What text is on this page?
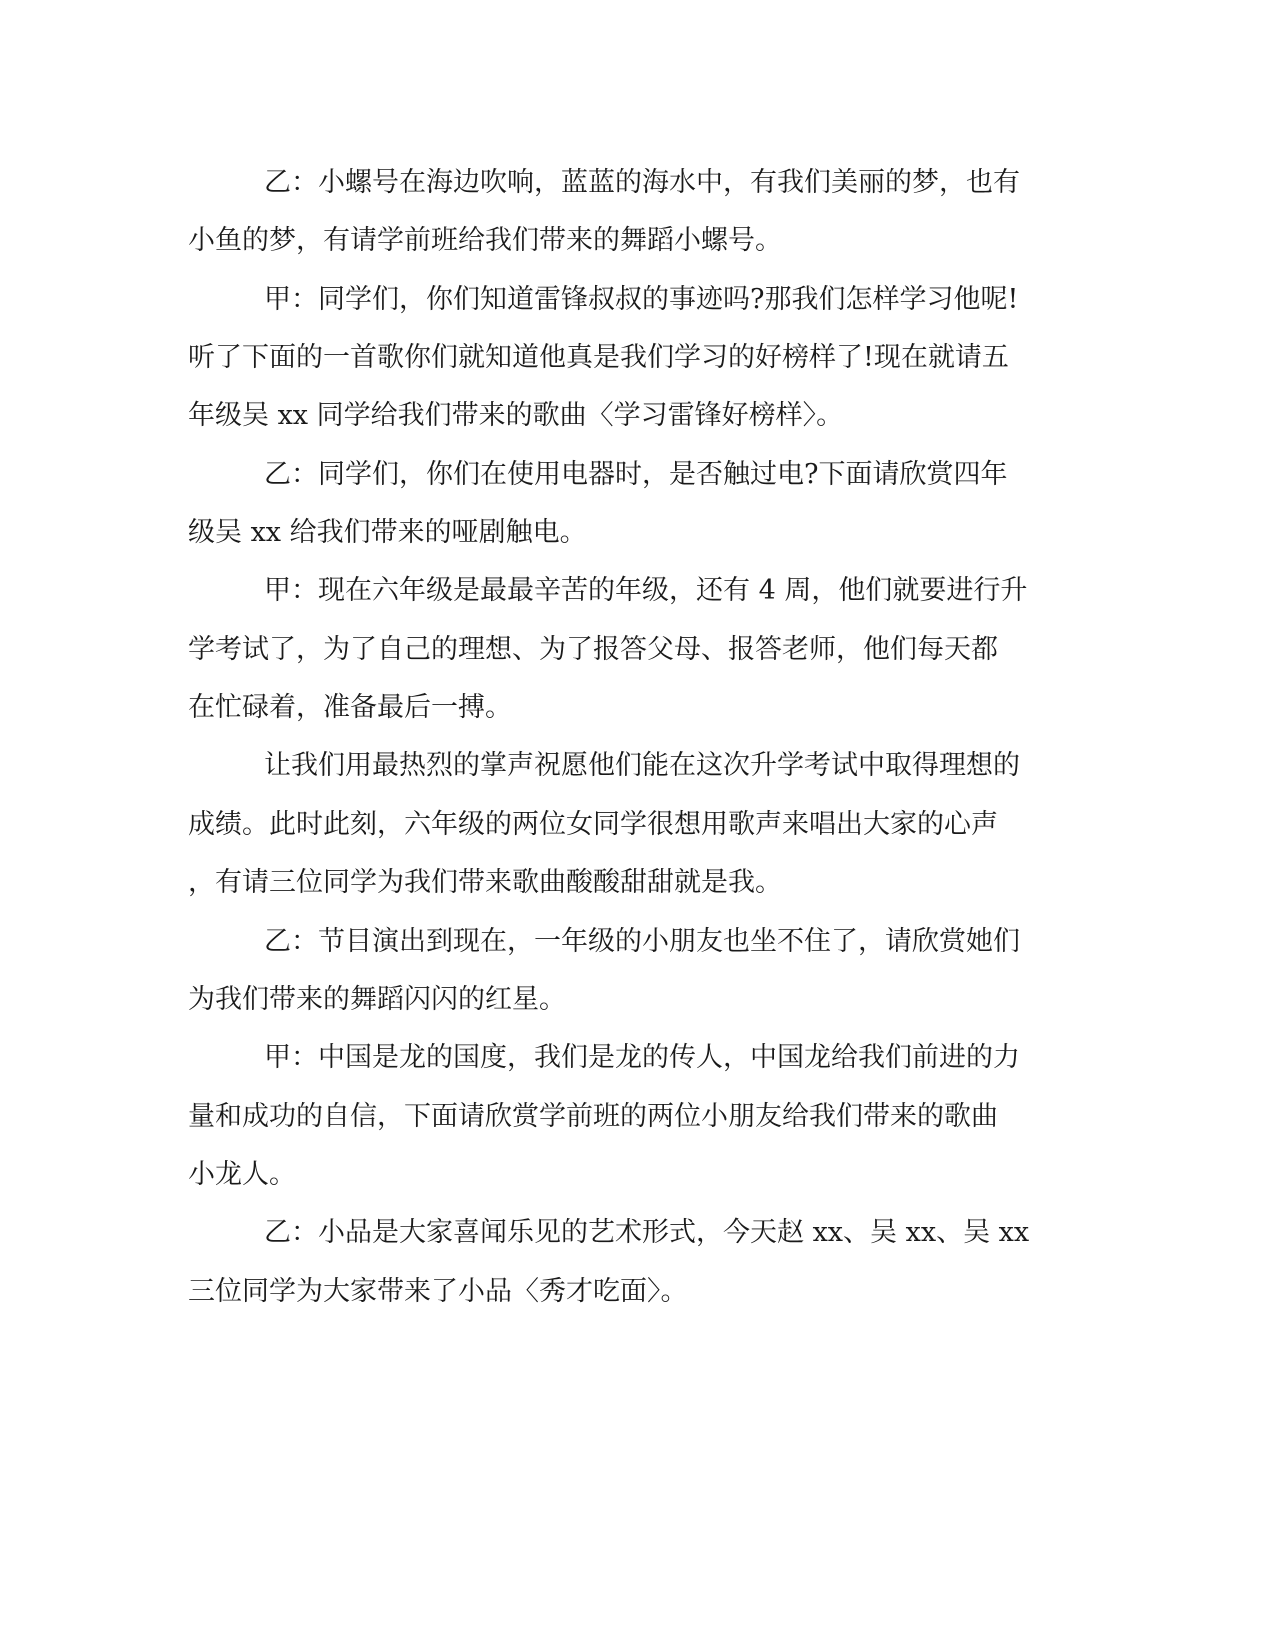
乙：小螺号在海边吹响，蓝蓝的海水中，有我们美丽的梦，也有
小鱼的梦，有请学前班给我们带来的舞蹈小螺号。
甲：同学们，你们知道雷锋叔叔的事迹吗?那我们怎样学习他呢!
听了下面的一首歌你们就知道他真是我们学习的好榜样了!现在就请五
年级吴 xx 同学给我们带来的歌曲〈学习雷锋好榜样〉。
乙：同学们，你们在使用电器时，是否触过电?下面请欣赏四年
级吴 xx 给我们带来的哑剧触电。
甲：现在六年级是最最辛苦的年级，还有 4 周，他们就要进行升
学考试了，为了自己的理想、为了报答父母、报答老师，他们每天都
在忙碌着，准备最后一搏。
让我们用最热烈的掌声祝愿他们能在这次升学考试中取得理想的
成绩。此时此刻，六年级的两位女同学很想用歌声来唱出大家的心声
，有请三位同学为我们带来歌曲酸酸甜甜就是我。
乙：节目演出到现在，一年级的小朋友也坐不住了，请欣赏她们
为我们带来的舞蹈闪闪的红星。
甲：中国是龙的国度，我们是龙的传人，中国龙给我们前进的力
量和成功的自信，下面请欣赏学前班的两位小朋友给我们带来的歌曲
小龙人。
乙：小品是大家喜闻乐见的艺术形式，今天赵 xx、吴 xx、吴 xx
三位同学为大家带来了小品〈秀才吃面〉。
